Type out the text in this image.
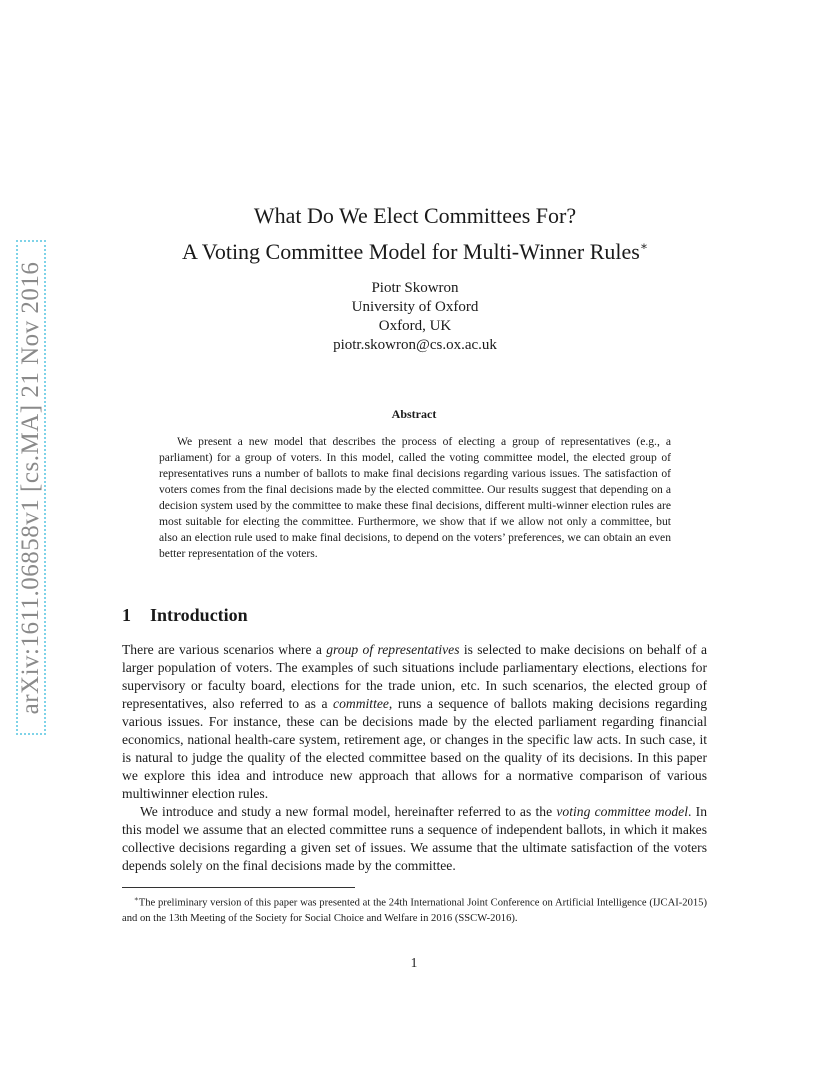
arXiv:1611.06858v1 [cs.MA] 21 Nov 2016
What Do We Elect Committees For?
A Voting Committee Model for Multi-Winner Rules∗
Piotr Skowron
University of Oxford
Oxford, UK
piotr.skowron@cs.ox.ac.uk
Abstract

We present a new model that describes the process of electing a group of representatives (e.g., a parliament) for a group of voters. In this model, called the voting committee model, the elected group of representatives runs a number of ballots to make final decisions regarding various issues. The satisfaction of voters comes from the final decisions made by the elected committee. Our results suggest that depending on a decision system used by the committee to make these final decisions, different multi-winner election rules are most suitable for electing the committee. Furthermore, we show that if we allow not only a committee, but also an election rule used to make final decisions, to depend on the voters’ preferences, we can obtain an even better representation of the voters.

1 Introduction

There are various scenarios where a group of representatives is selected to make decisions on behalf of a larger population of voters. The examples of such situations include parliamentary elections, elections for supervisory or faculty board, elections for the trade union, etc. In such scenarios, the elected group of representatives, also referred to as a committee, runs a sequence of ballots making decisions regarding various issues. For instance, these can be decisions made by the elected parliament regarding financial economics, national health-care system, retirement age, or changes in the specific law acts. In such case, it is natural to judge the quality of the elected committee based on the quality of its decisions. In this paper we explore this idea and introduce new approach that allows for a normative comparison of various multiwinner election rules.

We introduce and study a new formal model, hereinafter referred to as the voting committee model. In this model we assume that an elected committee runs a sequence of independent ballots, in which it makes collective decisions regarding a given set of issues. We assume that the ultimate satisfaction of the voters depends solely on the final decisions made by the committee.

∗The preliminary version of this paper was presented at the 24th International Joint Conference on Artificial Intelligence (IJCAI-2015) and on the 13th Meeting of the Society for Social Choice and Welfare in 2016 (SSCW-2016).

1
